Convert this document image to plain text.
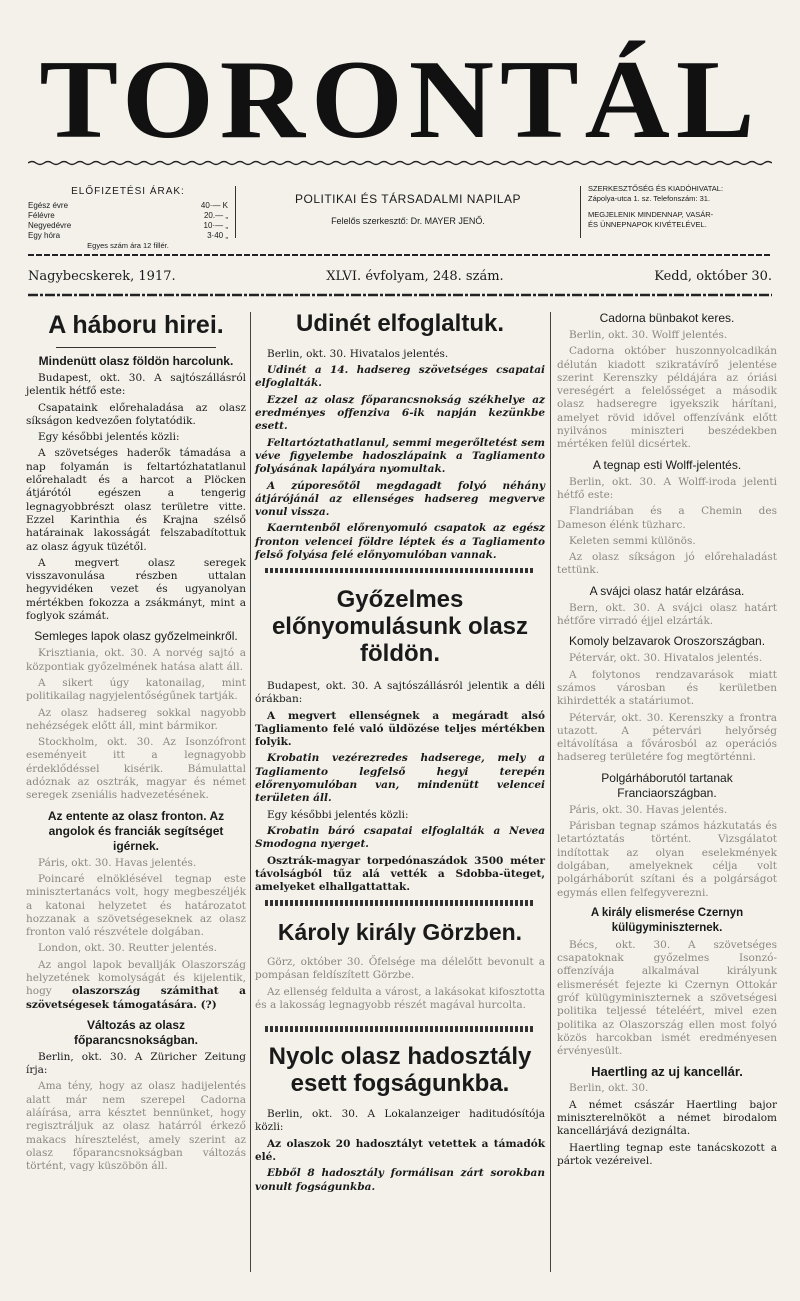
TORONTÁL
ELŐFIZETÉSI ÁRAK:
Egész évre	40·— K
Félévre	20.— „
Negyedévre	10·— „
Egy hóra	3·40 „
Egyes szám ára 12 fillér.
POLITIKAI ÉS TÁRSADALMI NAPILAP
Felelős szerkesztő: Dr. MAYER JENŐ.
SZERKESZTŐSÉG ÉS KIADÓHIVATAL:
Zápolya-utca 1. sz. Telefonszám: 31.
MEGJELENIK MINDENNAP, VASÁR-
ÉS ÜNNEPNAPOK KIVÉTELÉVEL.
Nagybecskerek, 1917.	XLVI. évfolyam, 248. szám.	Kedd, október 30.
A háboru hirei.
Mindenütt olasz földön harcolunk.

Budapest, okt. 30. A sajtószállásról jelentik hétfő este:

Csapataink előrehaladása az olasz síkságon kedvezően folytatódik.

Egy későbbi jelentés közli:

A szövetséges haderők támadása a nap folyamán is feltartózhatatlanul előrehaladt és a harcot a Plöcken átjárótól egészen a tengerig legnagyobbrészt olasz területre vitte. Ezzel Karinthia és Krajna szélső határainak lakosságát felszabadítottuk az olasz ágyuk tüzétől.

A megvert olasz seregek visszavonulása részben uttalan hegyvidéken vezet és ugyanolyan mértékben fokozza a zsákmányt, mint a foglyok számát.

Semleges lapok olasz győzelmeinkről.

Krisztiania, okt. 30. A norvég sajtó a központiak győzelmének hatása alatt áll.

A sikert úgy katonailag, mint politikailag nagyjelentőségűnek tartják.

Az olasz hadsereg sokkal nagyobb nehézségek előtt áll, mint bármikor.

Stockholm, okt. 30. Az Isonzófront eseményeit itt a legnagyobb érdeklődéssel kisérik. Bámulattal adóznak az osztrák, magyar és német seregek zseniális hadvezetésének.

Az entente az olasz fronton. Az angolok és franciák segítséget igérnek.

Páris, okt. 30. Havas jelentés.

Poincaré elnöklésével tegnap este minisztertanács volt, hogy megbeszéljék a katonai helyzetet és határozatot hozzanak a szövetségeseknek az olasz fronton való részvétele dolgában.

London, okt. 30. Reutter jelentés.

Az angol lapok bevallják Olaszország helyzetének komolyságát és kijelentik, hogy olaszország számithat a szövetségesek támogatására. (?)

Változás az olasz főparancsnokságban.

Berlin, okt. 30. A Züricher Zeitung írja:

Ama tény, hogy az olasz hadijelentés alatt már nem szerepel Cadorna aláírása, arra késztet bennünket, hogy regisztráljuk az olasz határról érkező makacs híresztelést, amely szerint az olasz főparancsnokságban változás történt, vagy küszöbön áll.

Udinét elfoglaltuk.

Berlin, okt. 30. Hivatalos jelentés.

Udinét a 14. hadsereg szövetséges csapatai elfoglalták.

Ezzel az olasz főparancsnokság székhelye az eredményes offenziva 6-ik napján kezünkbe esett.

Feltartóztathatlanul, semmi megerőltetést sem véve figyelembe hadoszlápaink a Tagliamento folyásának lapályára nyomultak.

A zúporesőtől megdagadt folyó néhány átjárójánál az ellenséges hadsereg megverve vonul vissza.

Kaerntenből előrenyomuló csapatok az egész fronton velencei földre léptek és a Tagliamento felső folyása felé előnyomulóban vannak.

Győzelmes előnyomulásunk olasz földön.

Budapest, okt. 30. A sajtószállásról jelentik a déli órákban:

A megvert ellenségnek a megáradt alsó Tagliamento felé való üldözése teljes mértékben folyik.

Krobatin vezérezredes hadserege, mely a Tagliamento legfelső hegyi terepén előrenyomulóban van, mindenütt velencei területen áll.

Egy későbbi jelentés közli:

Krobatin báró csapatai elfoglalták a Nevea Smodogna nyerget.

Osztrák-magyar torpedónaszádok 3500 méter távolságból tűz alá vették a Sdobba-üteget, amelyeket elhallgattattak.

Károly király Görzben.

Görz, október 30. Őfelsége ma délelőtt bevonult a pompásan feldíszített Görzbe.

Az ellenség feldulta a várost, a lakásokat kifosztotta és a lakosság legnagyobb részét magával hurcolta.

Nyolc olasz hadosztály esett fogságunkba.

Berlin, okt. 30. A Lokalanzeiger haditudósítója közli:

Az olaszok 20 hadosztályt vetettek a támadók elé.

Ebből 8 hadosztály formálisan zárt sorokban vonult fogságunkba.

Cadorna bünbakot keres.

Berlin, okt. 30. Wolff jelentés.

Cadorna október huszonnyolcadikán délután kiadott szikratávírő jelentése szerint Kerenszky példájára az óriási vereségért a felelősséget a második olasz hadseregre igyekszik hárítani, amelyet rövid idővel offenzívánk előtt nyilvános miniszteri beszédekben mértéken felül dicsértek.

A tegnap esti Wolff-jelentés.

Berlin, okt. 30. A Wolff-iroda jelenti hétfő este:

Flandriában és a Chemin des Dameson élénk tüzharc.

Keleten semmi különös.

Az olasz síkságon jó előrehaladást tettünk.

A svájci olasz határ elzárása.

Bern, okt. 30. A svájci olasz határt hétfőre virradó éjjel elzárták.

Komoly belzavarok Oroszországban.

Pétervár, okt. 30. Hivatalos jelentés.

A folytonos rendzavarások miatt számos városban és kerületben kihirdették a statáriumot.

Pétervár, okt. 30. Kerenszky a frontra utazott. A pétervári helyőrség eltávolítása a fővárosból az operációs hadsereg területére fog megtörténni.

Polgárháborutól tartanak Franciaországban.

Páris, okt. 30. Havas jelentés.

Párisban tegnap számos házkutatás és letartóztatás történt. Vizsgálatot indítottak az olyan eselekmények dolgában, amelyeknek célja volt polgárháborút szítani és a polgárságot egymás ellen felfegyverezni.

A király elismerése Czernyn külügyminiszternek.

Bécs, okt. 30. A szövetséges csapatoknak győzelmes Isonzó-offenzívája alkalmával királyunk elismerését fejezte ki Czernyn Ottokár gróf külügyminiszternek a szövetségesi politika teljessé tételéért, mivel ezen politika az Olaszország ellen most folyó közös harcokban ismét eredményesen érvényesült.

Haertling az uj kancellár.

Berlin, okt. 30.

A német császár Haertling bajor miniszterelnököt a német birodalom kancellárjává dezignálta.

Haertling tegnap este tanácskozott a pártok vezéreivel.
